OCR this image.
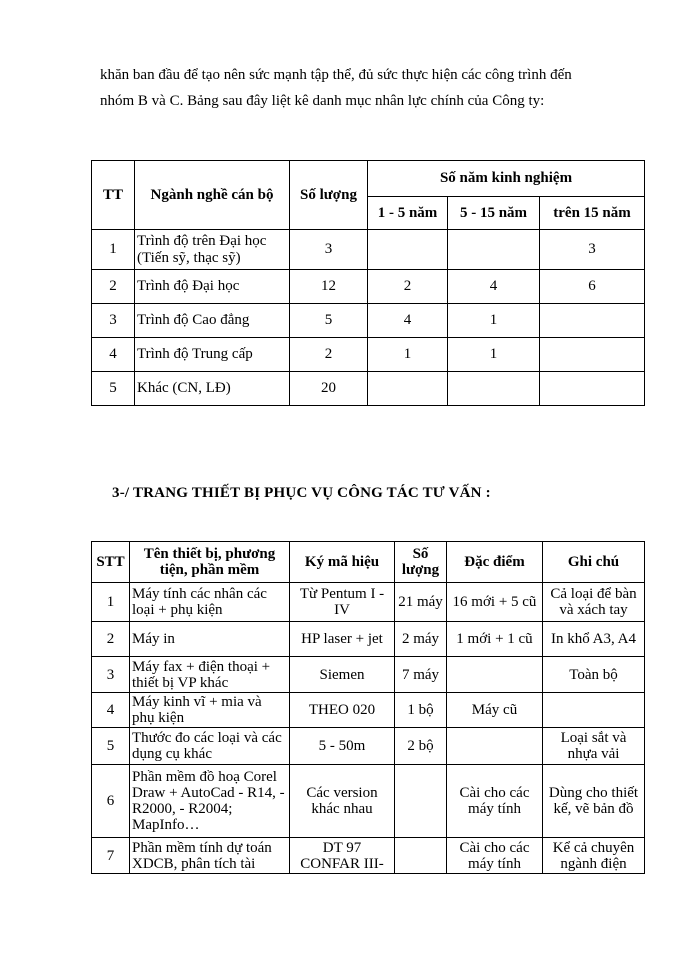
khăn ban đầu để tạo nên sức mạnh tập thể, đủ sức thực hiện các công trình đến
nhóm B và C. Bảng sau đây liệt kê danh mục nhân lực chính của Công ty:
TT	Ngành nghề cán bộ	Số lượng	Số năm kinh nghiệm		
			1 - 5 năm	5 - 15 năm	trên 15 năm
1	Trình độ trên Đại học (Tiến sỹ, thạc sỹ)	3			3
2	Trình độ Đại học	12	2	4	6
3	Trình độ Cao đẳng	5	4	1	
4	Trình độ Trung cấp	2	1	1	
5	Khác (CN, LĐ)	20			
3-/ TRANG THIẾT BỊ PHỤC VỤ CÔNG TÁC TƯ VẤN :
STT	Tên thiết bị, phương tiện, phần mềm	Ký mã hiệu	Số lượng	Đặc điểm	Ghi chú
1	Máy tính các nhân các loại + phụ kiện	Từ Pentum I - IV	21 máy	16 mới + 5 cũ	Cả loại để bàn và xách tay
2	Máy in	HP laser + jet	2 máy	1 mới + 1 cũ	In khổ A3, A4
3	Máy fax + điện thoại + thiết bị VP khác	Siemen	7 máy		Toàn bộ
4	Máy kinh vĩ + mia và phụ kiện	THEO 020	1 bộ	Máy cũ	
5	Thước đo các loại và các dụng cụ khác	5 - 50m	2 bộ		Loại sắt và nhựa vải
6	Phần mềm đồ hoạ Corel Draw + AutoCad - R14, - R2000, - R2004; MapInfo…	Các version khác nhau		Cài cho các máy tính	Dùng cho thiết kế, vẽ bản đồ
7	Phần mềm tính dự toán XDCB, phân tích tài	DT 97 CONFAR III-		Cài cho các máy tính	Kể cả chuyên ngành điện
